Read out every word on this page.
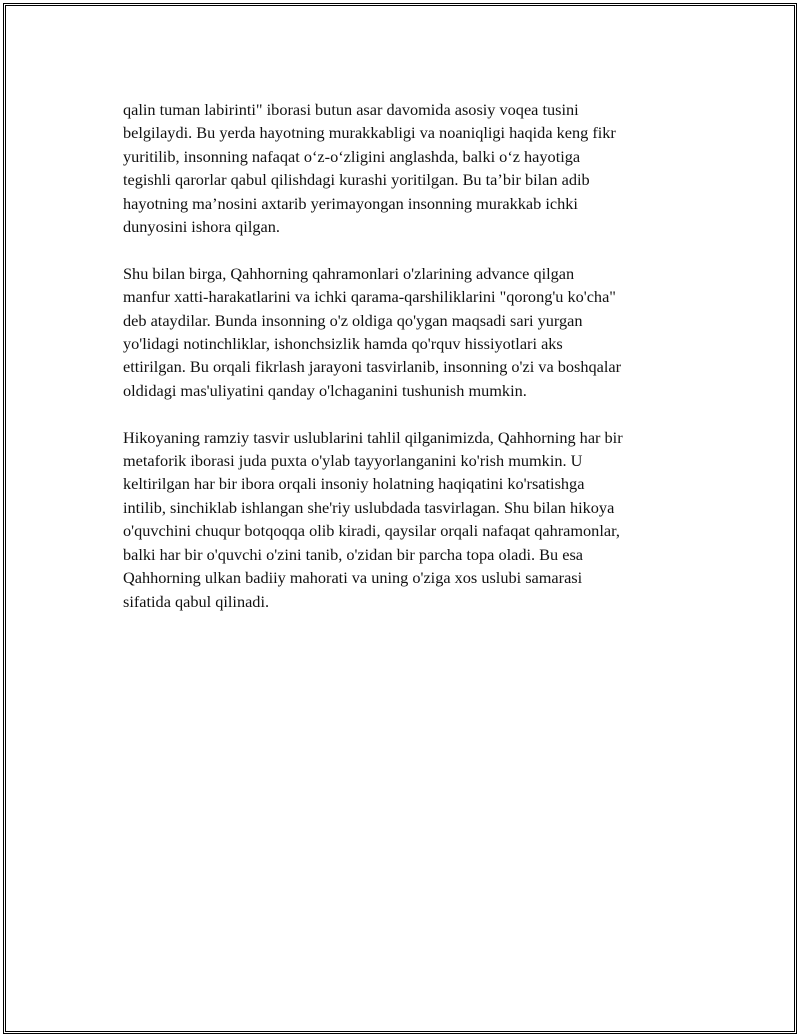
qalin tuman labirinti" iborasi butun asar davomida asosiy voqea tusini
belgilaydi. Bu yerda hayotning murakkabligi va noaniqligi haqida keng fikr
yuritilib, insonning nafaqat o‘z-o‘zligini anglashda, balki o‘z hayotiga
tegishli qarorlar qabul qilishdagi kurashi yoritilgan. Bu ta’bir bilan adib
hayotning ma’nosini axtarib yerimayongan insonning murakkab ichki
dunyosini ishora qilgan.

Shu bilan birga, Qahhorning qahramonlari o'zlarining advance qilgan
manfur xatti-harakatlarini va ichki qarama-qarshiliklarini "qorong'u ko'cha"
deb ataydilar. Bunda insonning o'z oldiga qo'ygan maqsadi sari yurgan
yo'lidagi notinchliklar, ishonchsizlik hamda qo'rquv hissiyotlari aks
ettirilgan. Bu orqali fikrlash jarayoni tasvirlanib, insonning o'zi va boshqalar
oldidagi mas'uliyatini qanday o'lchaganini tushunish mumkin.

Hikoyaning ramziy tasvir uslublarini tahlil qilganimizda, Qahhorning har bir
metaforik iborasi juda puxta o'ylab tayyorlanganini ko'rish mumkin. U
keltirilgan har bir ibora orqali insoniy holatning haqiqatini ko'rsatishga
intilib, sinchiklab ishlangan she'riy uslubdada tasvirlagan. Shu bilan hikoya
o'quvchini chuqur botqoqqa olib kiradi, qaysilar orqali nafaqat qahramonlar,
balki har bir o'quvchi o'zini tanib, o'zidan bir parcha topa oladi. Bu esa
Qahhorning ulkan badiiy mahorati va uning o'ziga xos uslubi samarasi
sifatida qabul qilinadi.
